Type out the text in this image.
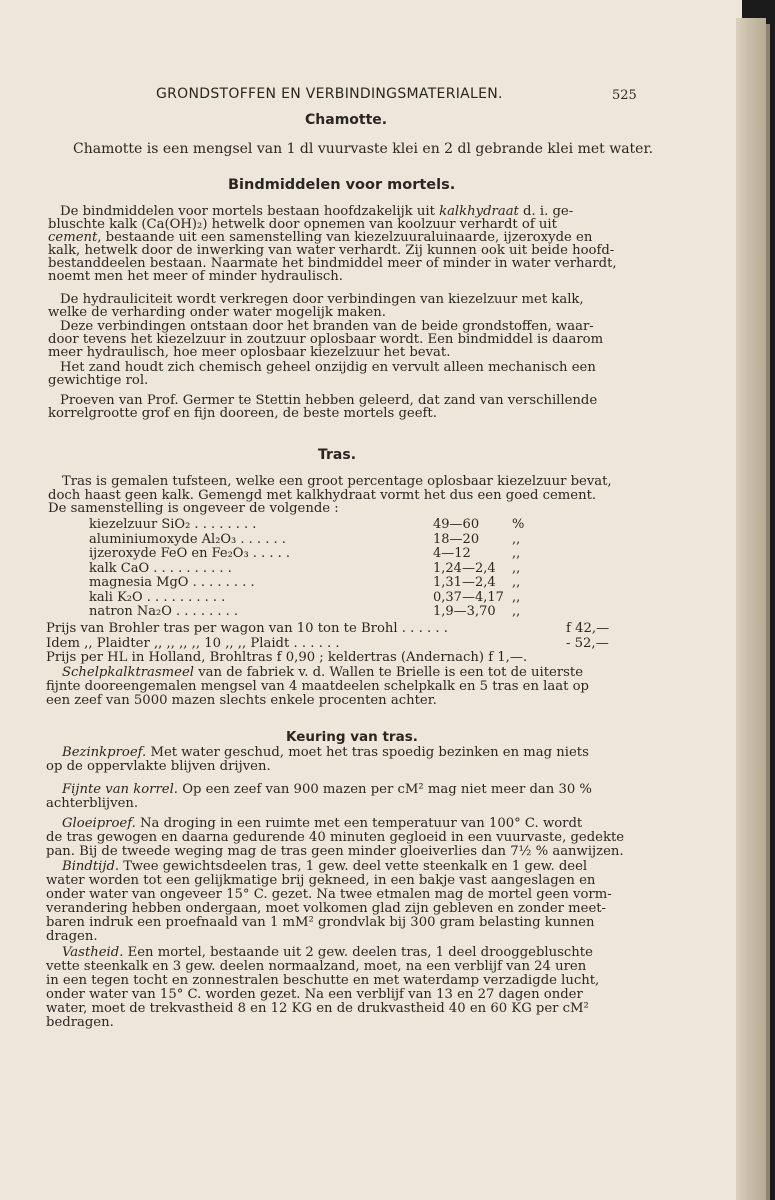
GRONDSTOFFEN EN VERBINDINGSMATERIALEN.	525
Chamotte.
Chamotte is een mengsel van 1 dl vuurvaste klei en 2 dl gebrande klei met water.
Bindmiddelen voor mortels.
De bindmiddelen voor mortels bestaan hoofdzakelijk uit kalkhydraat d. i. ge-
bluschte kalk (Ca(OH)₂) hetwelk door opnemen van koolzuur verhardt of uit
cement, bestaande uit een samenstelling van kiezelzuuraluinaarde, ijzeroxyde en
kalk, hetwelk door de inwerking van water verhardt. Zij kunnen ook uit beide hoofd-
bestanddeelen bestaan. Naarmate het bindmiddel meer of minder in water verhardt,
noemt men het meer of minder hydraulisch.
De hydrauliciteit wordt verkregen door verbindingen van kiezelzuur met kalk,
welke de verharding onder water mogelijk maken.
Deze verbindingen ontstaan door het branden van de beide grondstoffen, waar-
door tevens het kiezelzuur in zoutzuur oplosbaar wordt. Een bindmiddel is daarom
meer hydraulisch, hoe meer oplosbaar kiezelzuur het bevat.
Het zand houdt zich chemisch geheel onzijdig en vervult alleen mechanisch een
gewichtige rol.
Proeven van Prof. Germer te Stettin hebben geleerd, dat zand van verschillende
korrelgrootte grof en fijn dooreen, de beste mortels geeft.
Tras.
Tras is gemalen tufsteen, welke een groot percentage oplosbaar kiezelzuur bevat,
doch haast geen kalk. Gemengd met kalkhydraat vormt het dus een goed cement.
De samenstelling is ongeveer de volgende :
kiezelzuur SiO₂ . . . . . . . .	49—60	%
aluminiumoxyde Al₂O₃ . . . . . .	18—20	,,
ijzeroxyde FeO en Fe₂O₃ . . . . .	4—12	,,
kalk CaO . . . . . . . . . .	1,24—2,4 ,,
magnesia MgO . . . . . . . .	1,31—2,4 ,,
kali K₂O . . . . . . . . . .	0,37—4,17 ,,
natron Na₂O . . . . . . . .	1,9—3,70 ,,
Prijs van Brohler tras per wagon van 10 ton te Brohl . . . . . .	f 42,—
Idem ,, Plaidter ,, ,, ,, ,, 10 ,, ,, Plaidt . . . . . .	- 52,—
Prijs per HL in Holland, Brohltras f 0,90 ; keldertras (Andernach) f 1,—.
Schelpkalktrasmeel van de fabriek v. d. Wallen te Brielle is een tot de uiterste
fijnte dooreengemalen mengsel van 4 maatdeelen schelpkalk en 5 tras en laat op
een zeef van 5000 mazen slechts enkele procenten achter.
Keuring van tras.
Bezinkproef. Met water geschud, moet het tras spoedig bezinken en mag niets
op de oppervlakte blijven drijven.
Fijnte van korrel. Op een zeef van 900 mazen per cM² mag niet meer dan 30 %
achterblijven.
Gloeiproef. Na droging in een ruimte met een temperatuur van 100° C. wordt
de tras gewogen en daarna gedurende 40 minuten gegloeid in een vuurvaste, gedekte
pan. Bij de tweede weging mag de tras geen minder gloeiverlies dan 7½ % aanwijzen.
Bindtijd. Twee gewichtsdeelen tras, 1 gew. deel vette steenkalk en 1 gew. deel
water worden tot een gelijkmatige brij gekneed, in een bakje vast aangeslagen en
onder water van ongeveer 15° C. gezet. Na twee etmalen mag de mortel geen vorm-
verandering hebben ondergaan, moet volkomen glad zijn gebleven en zonder meet-
baren indruk een proefnaald van 1 mM² grondvlak bij 300 gram belasting kunnen
dragen.
Vastheid. Een mortel, bestaande uit 2 gew. deelen tras, 1 deel drooggebluschte
vette steenkalk en 3 gew. deelen normaalzand, moet, na een verblijf van 24 uren
in een tegen tocht en zonnestralen beschutte en met waterdamp verzadigde lucht,
onder water van 15° C. worden gezet. Na een verblijf van 13 en 27 dagen onder
water, moet de trekvastheid 8 en 12 KG en de drukvastheid 40 en 60 KG per cM²
bedragen.
